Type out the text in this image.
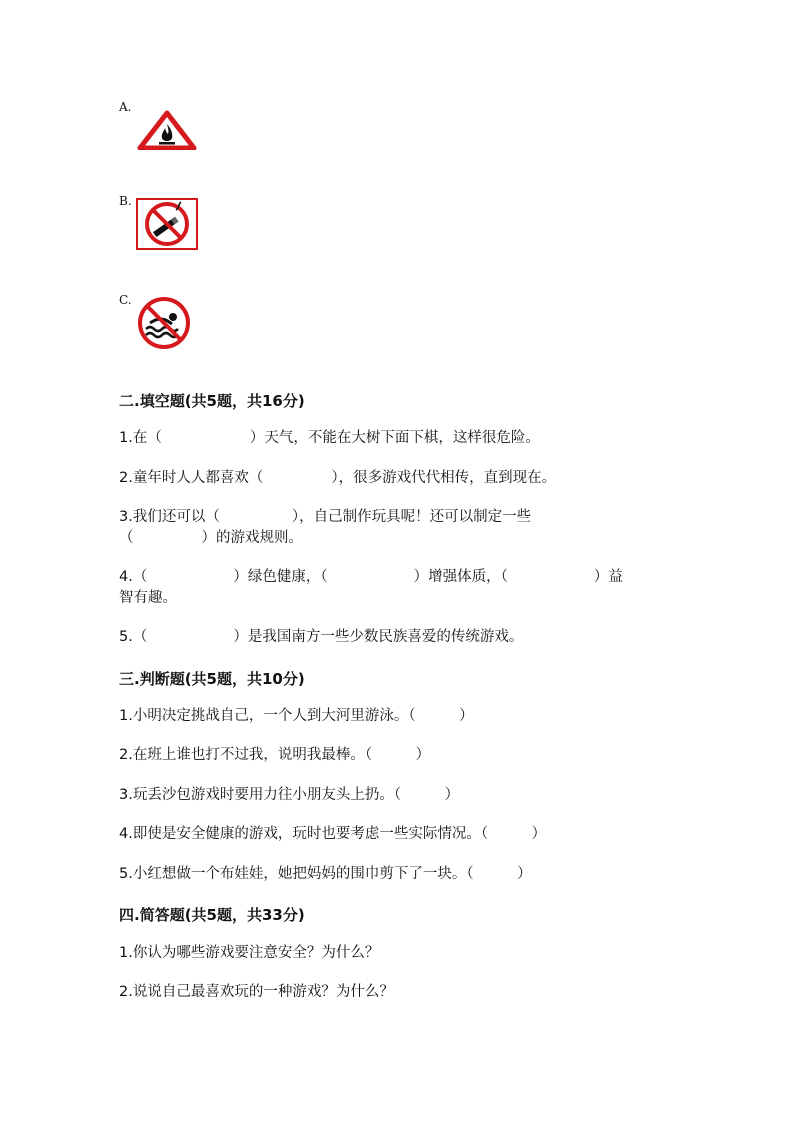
A.
B.
C.
二.填空题(共5题，共16分)
1.在（	）天气，不能在大树下面下棋，这样很危险。
2.童年时人人都喜欢（	），很多游戏代代相传，直到现在。
3.我们还可以（	），自己制作玩具呢！还可以制定一些
（	）的游戏规则。
4.（	）绿色健康，（	）增强体质，（	）益
智有趣。
5.（	）是我国南方一些少数民族喜爱的传统游戏。
三.判断题(共5题，共10分)
1.小明决定挑战自己，一个人到大河里游泳。（　　　）
2.在班上谁也打不过我，说明我最棒。（　　　）
3.玩丢沙包游戏时要用力往小朋友头上扔。（　　　）
4.即使是安全健康的游戏，玩时也要考虑一些实际情况。（　　　）
5.小红想做一个布娃娃，她把妈妈的围巾剪下了一块。（　　　）
四.简答题(共5题，共33分)
1.你认为哪些游戏要注意安全？为什么？
2.说说自己最喜欢玩的一种游戏？为什么？
